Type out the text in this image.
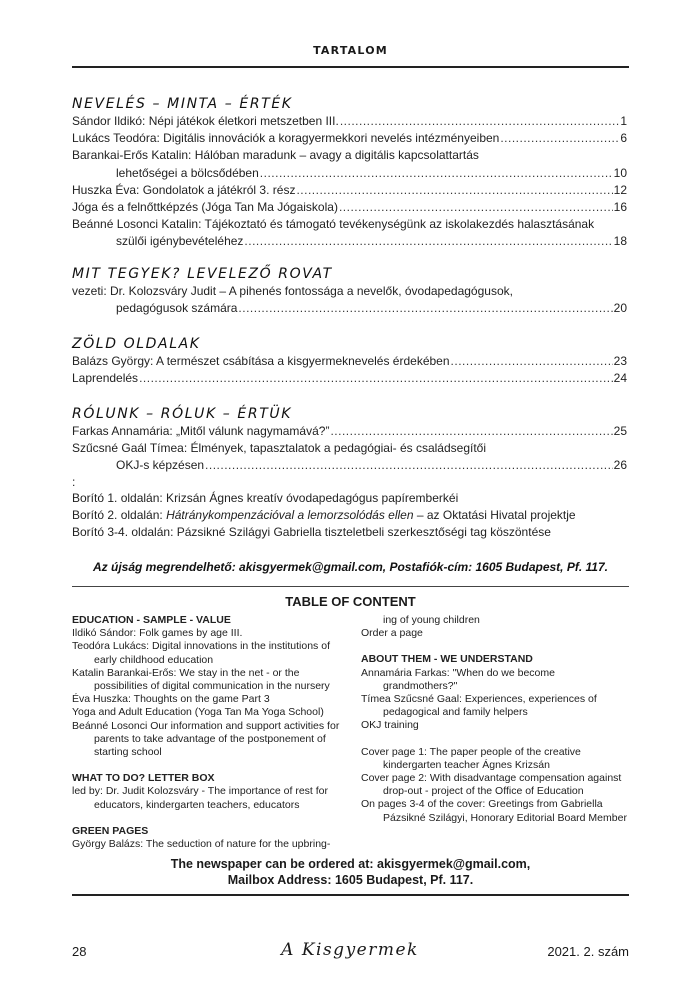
TARTALOM
NEVELÉS – MINTA – ÉRTÉK
Sándor Ildikó: Népi játékok életkori metszetben III. .....	1
Lukács Teodóra: Digitális innovációk a koragyermekkori nevelés intézményeiben .....	6
Barankai-Erős Katalin: Hálóban maradunk – avagy a digitális kapcsolattartás
lehetőségei a bölcsődében .....	10
Huszka Éva: Gondolatok a játékról 3. rész .....	12
Jóga és a felnőttképzés (Jóga Tan Ma Jógaiskola) .....	16
Beánné Losonci Katalin: Tájékoztató és támogató tevékenységünk az iskolakezdés halasztásának
szülői igénybevételéhez .....	18
MIT TEGYEK? LEVELEZŐ ROVAT
vezeti: Dr. Kolozsváry Judit – A pihenés fontossága a nevelők, óvodapedagógusok,
pedagógusok számára .....	20
ZÖLD OLDALAK
Balázs György: A természet csábítása a kisgyermeknevelés érdekében .....	23
Laprendelés .....	24
RÓLUNK – RÓLUK – ÉRTÜK
Farkas Annamária: „Mitől válunk nagymamává?” .....	25
Szűcsné Gaál Tímea: Élmények, tapasztalatok a pedagógiai- és családsegítői
OKJ-s képzésen .....	26
:
Borító 1. oldalán: Krizsán Ágnes kreatív óvodapedagógus papíremberkéi
Borító 2. oldalán: Hátránykompenzációval a lemorzsolódás ellen – az Oktatási Hivatal projektje
Borító 3-4. oldalán: Pázsikné Szilágyi Gabriella tiszteletbeli szerkesztőségi tag köszöntése
Az újság megrendelhető: akisgyermek@gmail.com, Postafiók-cím: 1605 Budapest, Pf. 117.
TABLE OF CONTENT
EDUCATION - SAMPLE - VALUE
Ildikó Sándor: Folk games by age III.
Teodóra Lukács: Digital innovations in the institutions of early childhood education
Katalin Barankai-Erős: We stay in the net - or the possibilities of digital communication in the nursery
Éva Huszka: Thoughts on the game Part 3
Yoga and Adult Education (Yoga Tan Ma Yoga School)
Beánné Losonci Our information and support activities for parents to take advantage of the postponement of starting school
WHAT TO DO? LETTER BOX
led by: Dr. Judit Kolozsváry - The importance of rest for educators, kindergarten teachers, educators
GREEN PAGES
György Balázs: The seduction of nature for the upbring-
ing of young children
Order a page
ABOUT THEM - WE UNDERSTAND
Annamária Farkas: "When do we become grandmothers?"
Tímea Szűcsné Gaal: Experiences, experiences of pedagogical and family helpers
OKJ training
Cover page 1: The paper people of the creative kindergarten teacher Ágnes Krizsán
Cover page 2: With disadvantage compensation against drop-out - project of the Office of Education
On pages 3-4 of the cover: Greetings from Gabriella Pázsikné Szilágyi, Honorary Editorial Board Member
The newspaper can be ordered at: akisgyermek@gmail.com,
Mailbox Address: 1605 Budapest, Pf. 117.
28	A Kisgyermek	2021. 2. szám
